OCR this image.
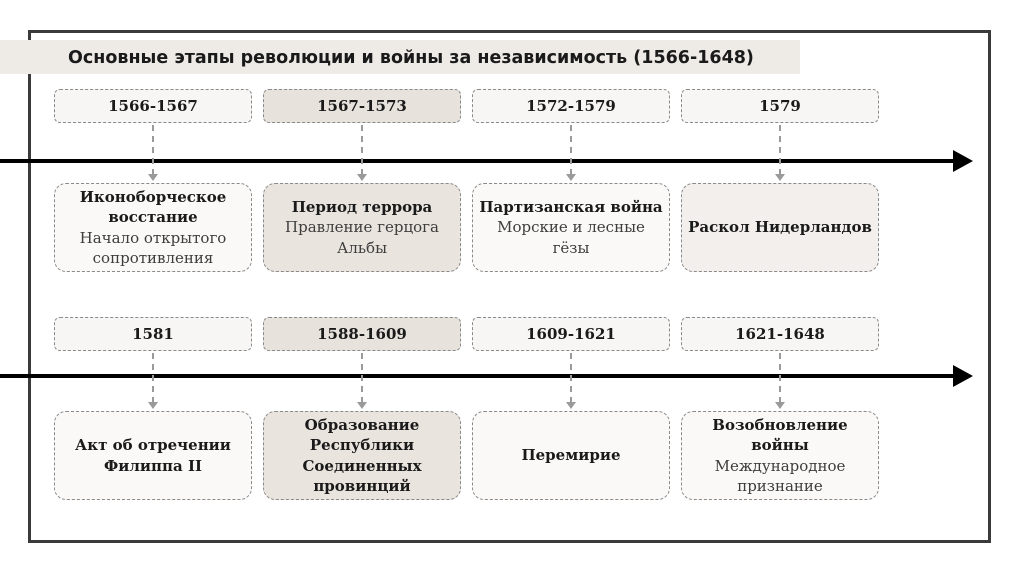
Основные этапы революции и войны за независимость (1566-1648)
1566-1567	1567-1573	1572-1579	1579
Иконоборческое восстание
Начало открытого сопротивления
Период террора
Правление герцога Альбы
Партизанская война
Морские и лесные гёзы
Раскол Нидерландов
1581	1588-1609	1609-1621	1621-1648
Акт об отречении Филиппа II
Образование Республики Соединенных провинций
Перемирие
Возобновление войны
Международное признание
